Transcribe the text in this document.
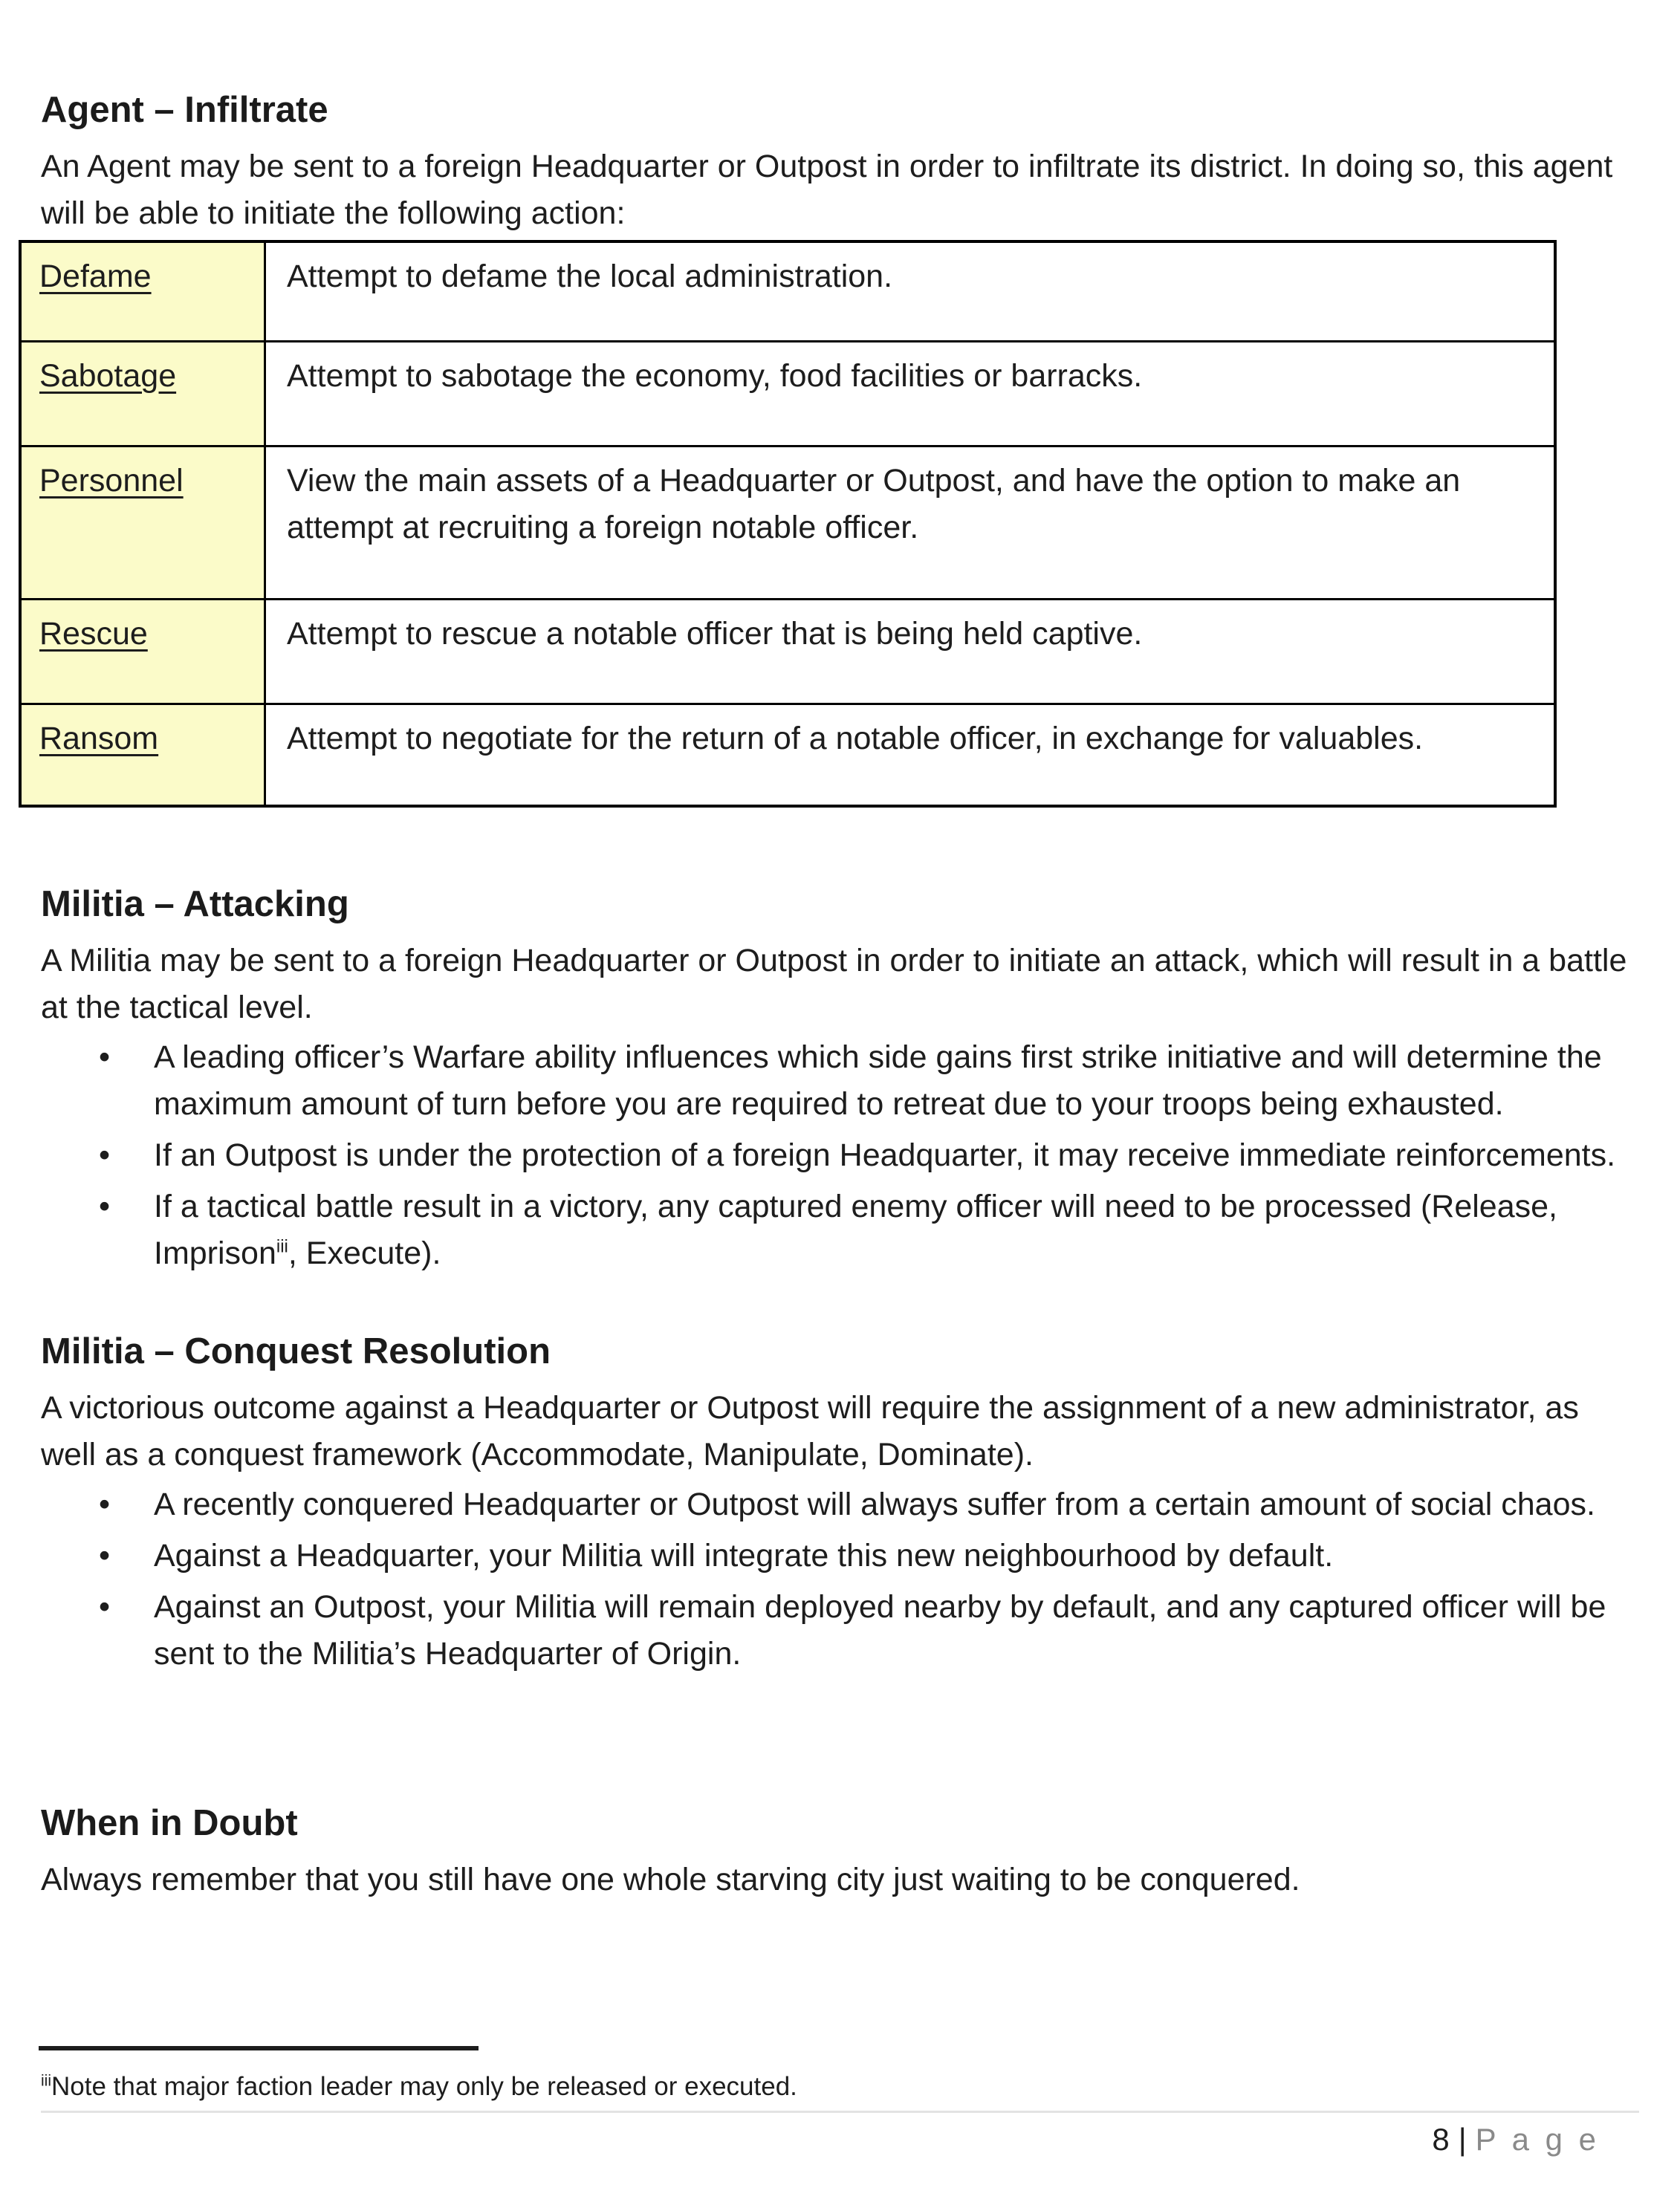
Agent – Infiltrate

An Agent may be sent to a foreign Headquarter or Outpost in order to infiltrate its district. In doing so, this agent will be able to initiate the following action:

Defame	Attempt to defame the local administration.
Sabotage	Attempt to sabotage the economy, food facilities or barracks.
Personnel	View the main assets of a Headquarter or Outpost, and have the option to make an attempt at recruiting a foreign notable officer.
Rescue	Attempt to rescue a notable officer that is being held captive.
Ransom	Attempt to negotiate for the return of a notable officer, in exchange for valuables.
Militia – Attacking

A Militia may be sent to a foreign Headquarter or Outpost in order to initiate an attack, which will result in a battle at the tactical level.

• A leading officer’s Warfare ability influences which side gains first strike initiative and will determine the maximum amount of turn before you are required to retreat due to your troops being exhausted.
• If an Outpost is under the protection of a foreign Headquarter, it may receive immediate reinforcements.
• If a tactical battle result in a victory, any captured enemy officer will need to be processed (Release, Imprison$^{iii}$, Execute).
Militia – Conquest Resolution

A victorious outcome against a Headquarter or Outpost will require the assignment of a new administrator, as well as a conquest framework (Accommodate, Manipulate, Dominate).

• A recently conquered Headquarter or Outpost will always suffer from a certain amount of social chaos.
• Against a Headquarter, your Militia will integrate this new neighbourhood by default.
• Against an Outpost, your Militia will remain deployed nearby by default, and any captured officer will be sent to the Militia’s Headquarter of Origin.
When in Doubt

Always remember that you still have one whole starving city just waiting to be conquered.

$^{iii}$Note that major faction leader may only be released or executed.

8 | P a g e
